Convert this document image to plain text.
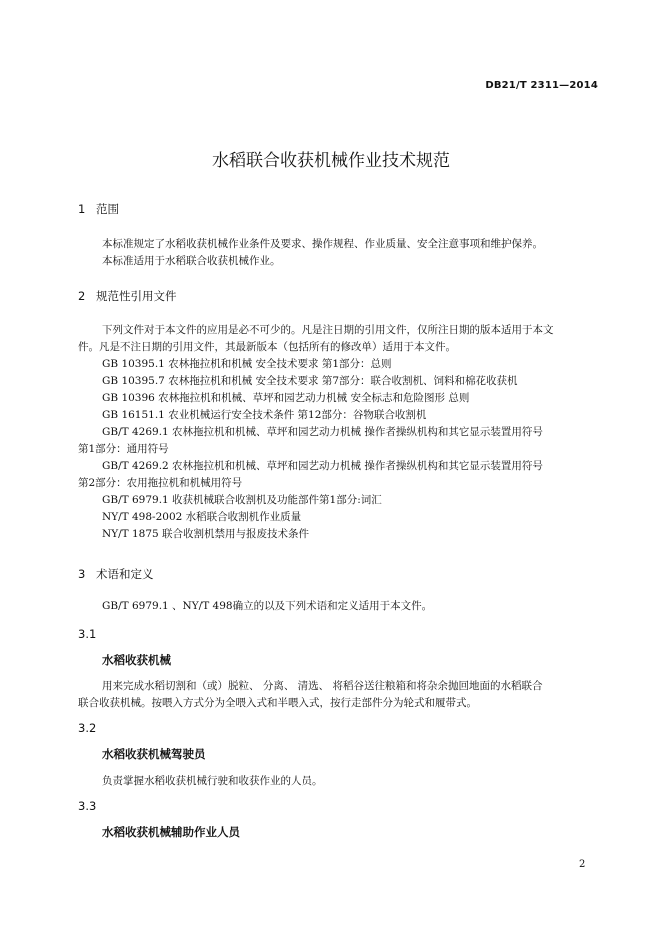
DB21/T 2311—2014
水稻联合收获机械作业技术规范
1 范围
本标准规定了水稻收获机械作业条件及要求、操作规程、作业质量、安全注意事项和维护保养。
本标准适用于水稻联合收获机械作业。
2 规范性引用文件
下列文件对于本文件的应用是必不可少的。凡是注日期的引用文件，仅所注日期的版本适用于本文
件。凡是不注日期的引用文件，其最新版本（包括所有的修改单）适用于本文件。
GB 10395.1 农林拖拉机和机械 安全技术要求 第1部分：总则
GB 10395.7 农林拖拉机和机械 安全技术要求 第7部分：联合收割机、饲料和棉花收获机
GB 10396 农林拖拉机和机械、草坪和园艺动力机械 安全标志和危险图形 总则
GB 16151.1 农业机械运行安全技术条件 第12部分：谷物联合收割机
GB/T 4269.1 农林拖拉机和机械、草坪和园艺动力机械 操作者操纵机构和其它显示装置用符号
第1部分：通用符号
GB/T 4269.2 农林拖拉机和机械、草坪和园艺动力机械 操作者操纵机构和其它显示装置用符号
第2部分：农用拖拉机和机械用符号
GB/T 6979.1 收获机械联合收割机及功能部件第1部分:词汇
NY/T 498-2002 水稻联合收割机作业质量
NY/T 1875 联合收割机禁用与报废技术条件
3 术语和定义
GB/T 6979.1 、NY/T 498确立的以及下列术语和定义适用于本文件。
3.1
水稻收获机械
用来完成水稻切割和（或）脱粒、 分离、 清选、 将稻谷送往粮箱和将杂余抛回地面的水稻联合
联合收获机械。按喂入方式分为全喂入式和半喂入式，按行走部件分为轮式和履带式。
3.2
水稻收获机械驾驶员
负责掌握水稻收获机械行驶和收获作业的人员。
3.3
水稻收获机械辅助作业人员
2
